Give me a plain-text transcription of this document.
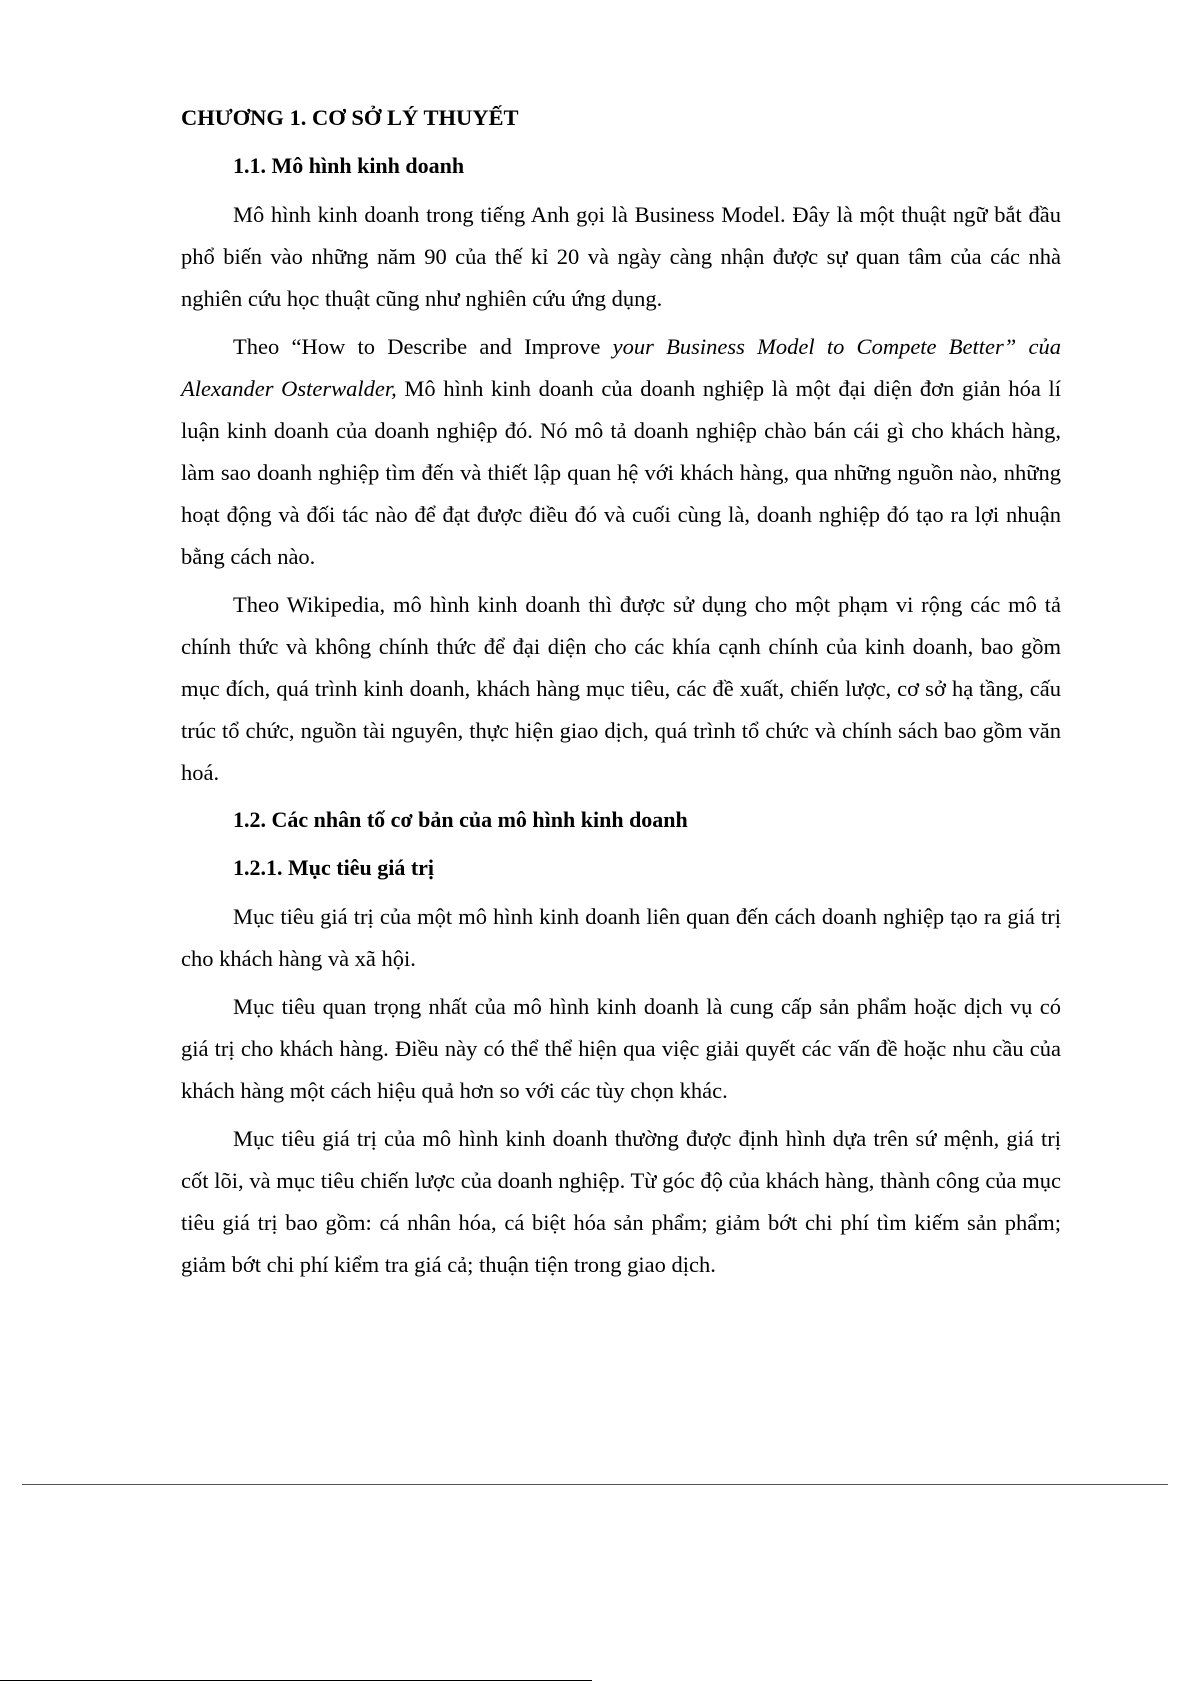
CHƯƠNG 1. CƠ SỞ LÝ THUYẾT
1.1. Mô hình kinh doanh

Mô hình kinh doanh trong tiếng Anh gọi là Business Model. Đây là một thuật ngữ bắt đầu phổ biến vào những năm 90 của thế kỉ 20 và ngày càng nhận được sự quan tâm của các nhà nghiên cứu học thuật cũng như nghiên cứu ứng dụng.

Theo “How to Describe and Improve your Business Model to Compete Better” của Alexander Osterwalder, Mô hình kinh doanh của doanh nghiệp là một đại diện đơn giản hóa lí luận kinh doanh của doanh nghiệp đó. Nó mô tả doanh nghiệp chào bán cái gì cho khách hàng, làm sao doanh nghiệp tìm đến và thiết lập quan hệ với khách hàng, qua những nguồn nào, những hoạt động và đối tác nào để đạt được điều đó và cuối cùng là, doanh nghiệp đó tạo ra lợi nhuận bằng cách nào.

Theo Wikipedia, mô hình kinh doanh thì được sử dụng cho một phạm vi rộng các mô tả chính thức và không chính thức để đại diện cho các khía cạnh chính của kinh doanh, bao gồm mục đích, quá trình kinh doanh, khách hàng mục tiêu, các đề xuất, chiến lược, cơ sở hạ tầng, cấu trúc tổ chức, nguồn tài nguyên, thực hiện giao dịch, quá trình tổ chức và chính sách bao gồm văn hoá.

1.2. Các nhân tố cơ bản của mô hình kinh doanh
1.2.1. Mục tiêu giá trị

Mục tiêu giá trị của một mô hình kinh doanh liên quan đến cách doanh nghiệp tạo ra giá trị cho khách hàng và xã hội.

Mục tiêu quan trọng nhất của mô hình kinh doanh là cung cấp sản phẩm hoặc dịch vụ có giá trị cho khách hàng. Điều này có thể thể hiện qua việc giải quyết các vấn đề hoặc nhu cầu của khách hàng một cách hiệu quả hơn so với các tùy chọn khác.

Mục tiêu giá trị của mô hình kinh doanh thường được định hình dựa trên sứ mệnh, giá trị cốt lõi, và mục tiêu chiến lược của doanh nghiệp. Từ góc độ của khách hàng, thành công của mục tiêu giá trị bao gồm: cá nhân hóa, cá biệt hóa sản phẩm; giảm bớt chi phí tìm kiếm sản phẩm; giảm bớt chi phí kiểm tra giá cả; thuận tiện trong giao dịch.
